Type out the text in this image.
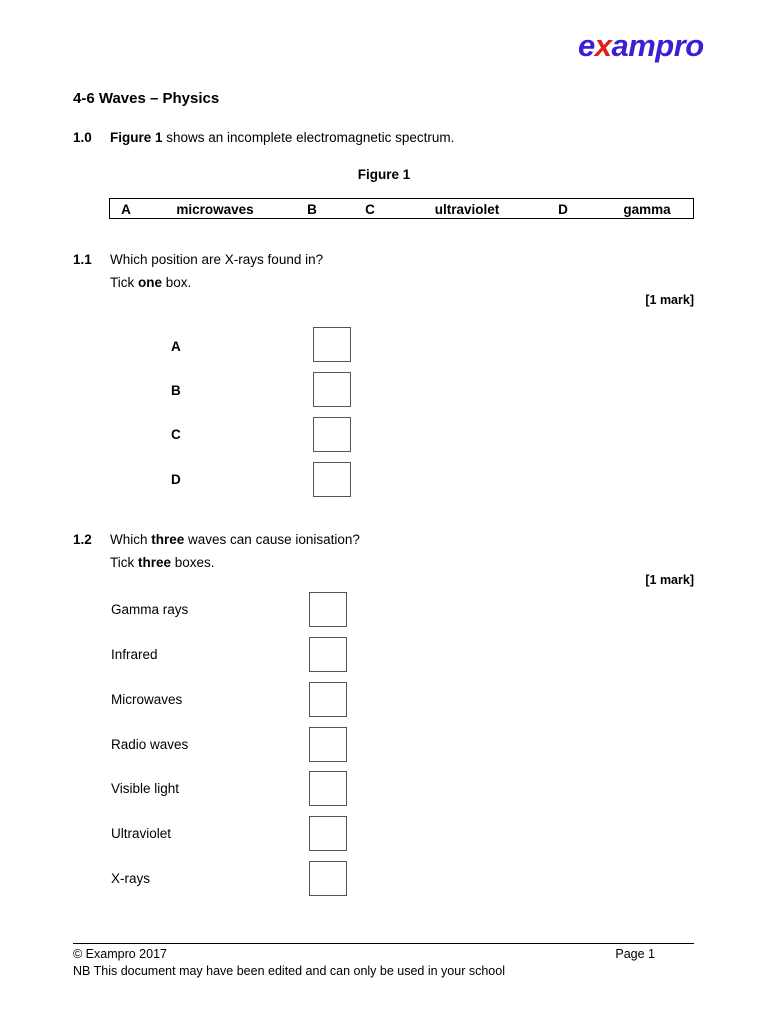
exampro
4-6 Waves – Physics
1.0 Figure 1 shows an incomplete electromagnetic spectrum.
Figure 1
A	microwaves	B	C	ultraviolet	D	gamma
1.1 Which position are X-rays found in?
Tick one box.
[1 mark]
A
B
C
D
1.2 Which three waves can cause ionisation?
Tick three boxes.
[1 mark]
Gamma rays
Infrared
Microwaves
Radio waves
Visible light
Ultraviolet
X-rays
© Exampro 2017	Page 1
NB This document may have been edited and can only be used in your school
